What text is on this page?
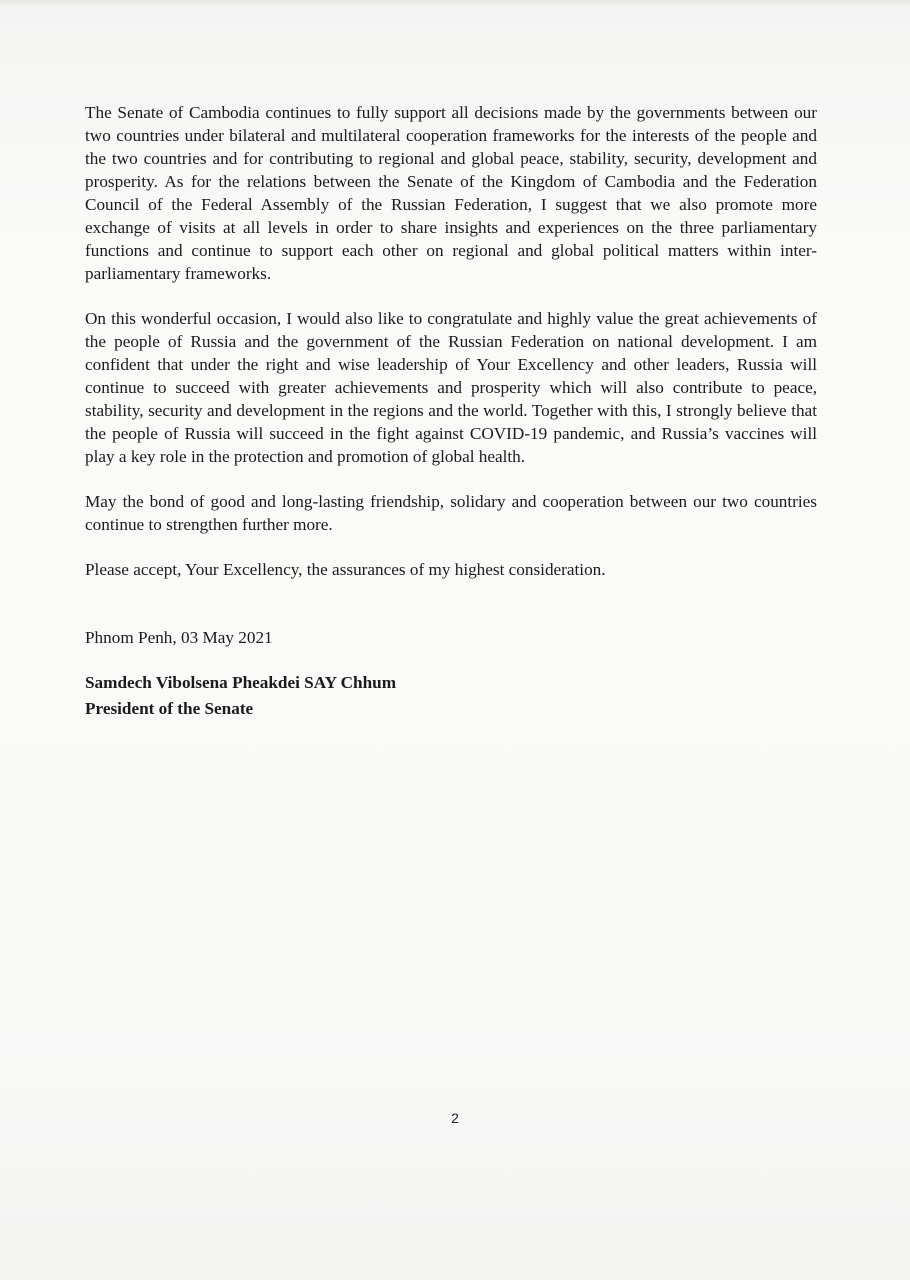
The Senate of Cambodia continues to fully support all decisions made by the governments between our two countries under bilateral and multilateral cooperation frameworks for the interests of the people and the two countries and for contributing to regional and global peace, stability, security, development and prosperity. As for the relations between the Senate of the Kingdom of Cambodia and the Federation Council of the Federal Assembly of the Russian Federation, I suggest that we also promote more exchange of visits at all levels in order to share insights and experiences on the three parliamentary functions and continue to support each other on regional and global political matters within inter-parliamentary frameworks.

On this wonderful occasion, I would also like to congratulate and highly value the great achievements of the people of Russia and the government of the Russian Federation on national development. I am confident that under the right and wise leadership of Your Excellency and other leaders, Russia will continue to succeed with greater achievements and prosperity which will also contribute to peace, stability, security and development in the regions and the world. Together with this, I strongly believe that the people of Russia will succeed in the fight against COVID-19 pandemic, and Russia’s vaccines will play a key role in the protection and promotion of global health.

May the bond of good and long-lasting friendship, solidary and cooperation between our two countries continue to strengthen further more.

Please accept, Your Excellency, the assurances of my highest consideration.

Phnom Penh, 03 May 2021

Samdech Vibolsena Pheakdei SAY Chhum

President of the Senate

2
